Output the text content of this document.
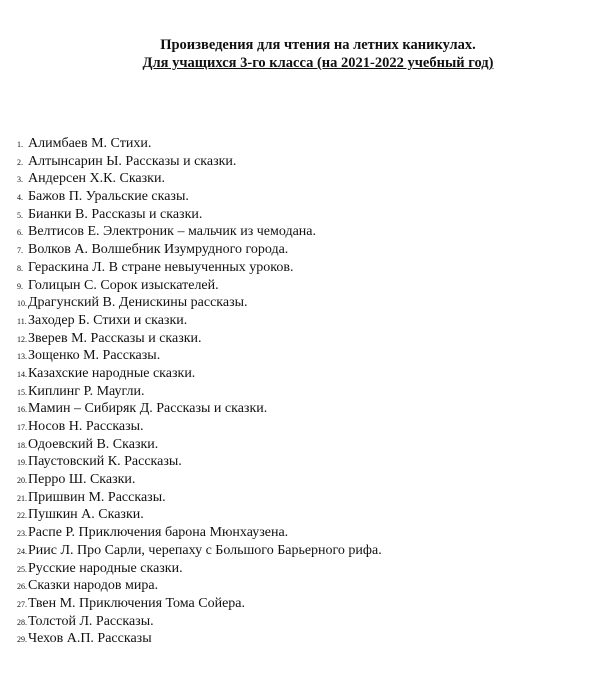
Произведения для чтения на летних каникулах.
Для учащихся 3-го класса (на 2021-2022 учебный год)
1. Алимбаев М. Стихи.
2. Алтынсарин Ы. Рассказы и сказки.
3. Андерсен Х.К. Сказки.
4. Бажов П. Уральские сказы.
5. Бианки В. Рассказы и сказки.
6. Велтисов Е. Электроник – мальчик из чемодана.
7. Волков А. Волшебник Изумрудного города.
8. Гераскина Л. В стране невыученных уроков.
9. Голицын С. Сорок изыскателей.
10.Драгунский В. Денискины рассказы.
11.Заходер Б. Стихи и сказки.
12.Зверев М. Рассказы и сказки.
13.Зощенко М. Рассказы.
14.Казахские народные сказки.
15.Киплинг Р. Маугли.
16.Мамин – Сибиряк Д. Рассказы и сказки.
17.Носов Н. Рассказы.
18.Одоевский В. Сказки.
19.Паустовский К. Рассказы.
20.Перро Ш. Сказки.
21.Пришвин М. Рассказы.
22.Пушкин А. Сказки.
23.Распе Р. Приключения барона Мюнхаузена.
24.Риис Л. Про Сарли, черепаху с Большого Барьерного рифа.
25.Русские народные сказки.
26.Сказки народов мира.
27.Твен М. Приключения Тома Сойера.
28.Толстой Л. Рассказы.
29.Чехов А.П. Рассказы
